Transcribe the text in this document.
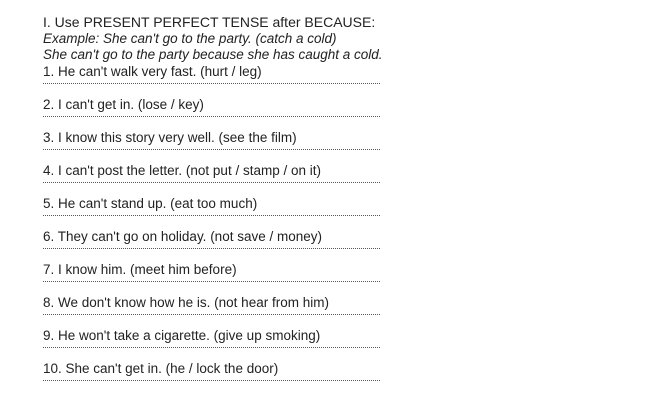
I. Use PRESENT PERFECT TENSE after BECAUSE:
Example: She can't go to the party. (catch a cold)
She can't go to the party because she has caught a cold.
1. He can't walk very fast. (hurt / leg)
2. I can't get in. (lose / key)
3. I know this story very well. (see the film)
4. I can't post the letter. (not put / stamp / on it)
5. He can't stand up. (eat too much)
6. They can't go on holiday. (not save / money)
7. I know him. (meet him before)
8. We don't know how he is. (not hear from him)
9. He won't take a cigarette. (give up smoking)
10. She can't get in. (he / lock the door)
